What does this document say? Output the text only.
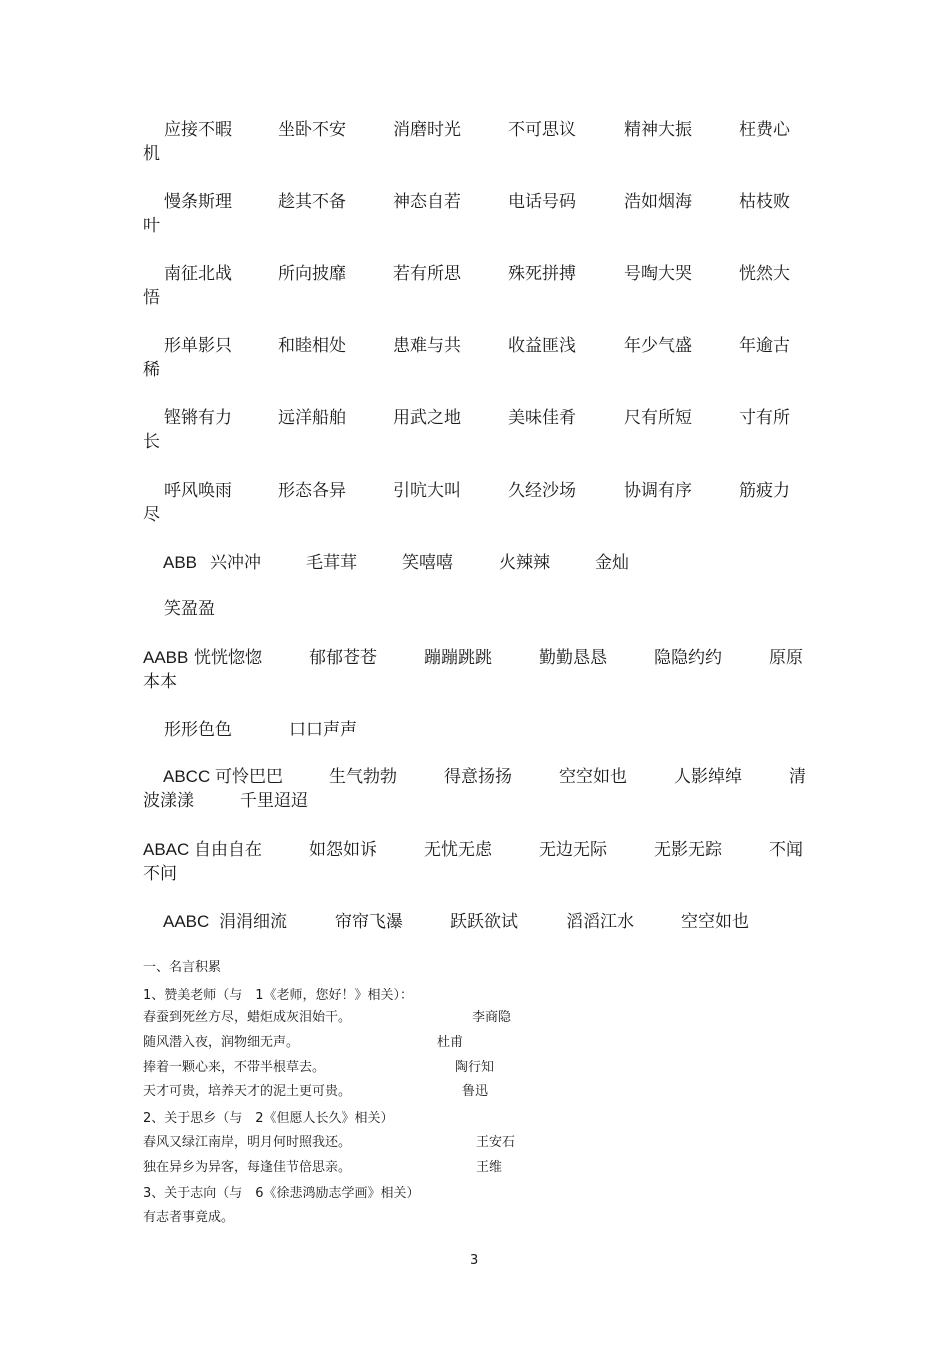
应接不暇	坐卧不安	消磨时光	不可思议	精神大振	枉费心
机
慢条斯理	趁其不备	神态自若	电话号码	浩如烟海	枯枝败
叶
南征北战	所向披靡	若有所思	殊死拼搏	号啕大哭	恍然大
悟
形单影只	和睦相处	患难与共	收益匪浅	年少气盛	年逾古
稀
铿锵有力	远洋船舶	用武之地	美味佳肴	尺有所短	寸有所
长
呼风唤雨	形态各异	引吭大叫	久经沙场	协调有序	筋疲力
尽
ABB 兴冲冲	毛茸茸	笑嘻嘻	火辣辣	金灿
笑盈盈
AABB 恍恍惚惚	郁郁苍苍	蹦蹦跳跳	勤勤恳恳	隐隐约约	原原
本本
形形色色	口口声声
ABCC 可怜巴巴	生气勃勃	得意扬扬	空空如也	人影绰绰	清
波漾漾	千里迢迢
ABAC 自由自在	如怨如诉	无忧无虑	无边无际	无影无踪	不闻
不问
AABC 涓涓细流	帘帘飞瀑	跃跃欲试	滔滔江水	空空如也
一、名言积累
1、赞美老师（与　1《老师，您好！》相关）：
春蚕到死丝方尽，蜡炬成灰泪始干。	李商隐
随风潜入夜，润物细无声。	杜甫
捧着一颗心来，不带半根草去。	陶行知
天才可贵，培养天才的泥土更可贵。	鲁迅
2、关于思乡（与　2《但愿人长久》相关）
春风又绿江南岸，明月何时照我还。	王安石
独在异乡为异客，每逢佳节倍思亲。	王维
3、关于志向（与　6《徐悲鸿励志学画》相关）
有志者事竟成。
3
